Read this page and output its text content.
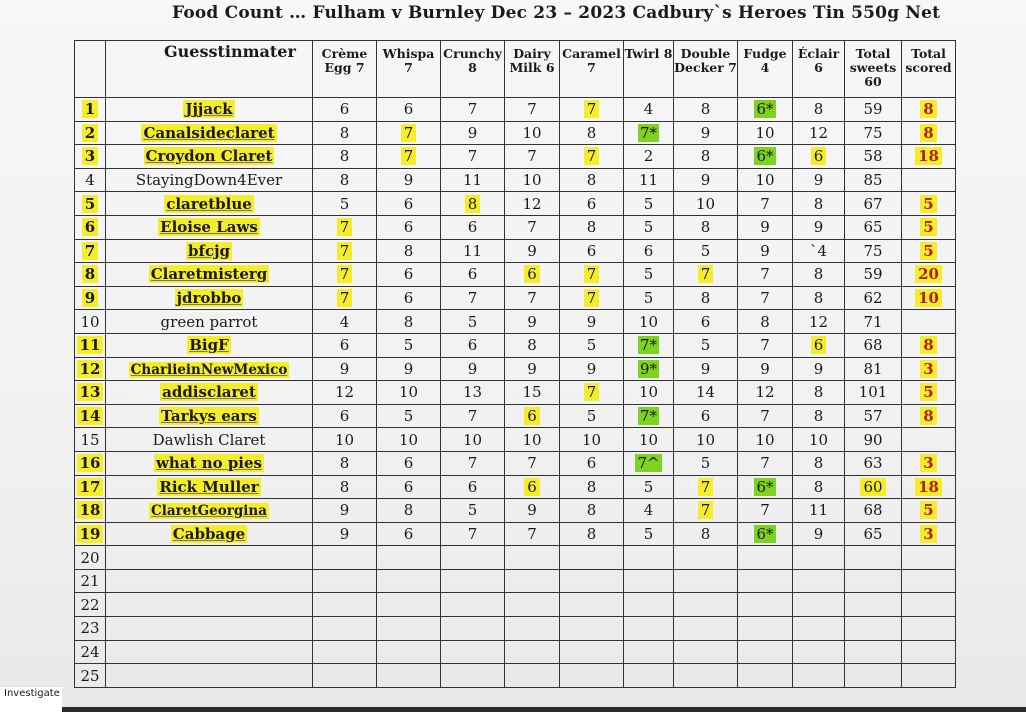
Food Count … Fulham v Burnley Dec 23 – 2023 Cadbury`s Heroes Tin 550g Net
	Guesstinmater	Crème Egg 7	Whispa 7	Crunchy 8	Dairy Milk 6	Caramel 7	Twirl 8	Double Decker 7	Fudge 4	Éclair 6	Total sweets 60	Total scored
1	Jjjack	6	6	7	7	7	4	8	6*	8	59	8
2	Canalsideclaret	8	7	9	10	8	7*	9	10	12	75	8
3	Croydon Claret	8	7	7	7	7	2	8	6*	6	58	18
4	StayingDown4Ever	8	9	11	10	8	11	9	10	9	85	
5	claretblue	5	6	8	12	6	5	10	7	8	67	5
6	Eloise Laws	7	6	6	7	8	5	8	9	9	65	5
7	bfcjg	7	8	11	9	6	6	5	9	`4	75	5
8	Claretmisterg	7	6	6	6	7	5	7	7	8	59	20
9	jdrobbo	7	6	7	7	7	5	8	7	8	62	10
10	green parrot	4	8	5	9	9	10	6	8	12	71	
11	BigF	6	5	6	8	5	7*	5	7	6	68	8
12	CharlieinNewMexico	9	9	9	9	9	9*	9	9	9	81	3
13	addisclaret	12	10	13	15	7	10	14	12	8	101	5
14	Tarkys ears	6	5	7	6	5	7*	6	7	8	57	8
15	Dawlish Claret	10	10	10	10	10	10	10	10	10	90	
16	what no pies	8	6	7	7	6	7^	5	7	8	63	3
17	Rick Muller	8	6	6	6	8	5	7	6*	8	60	18
18	ClaretGeorgina	9	8	5	9	8	4	7	7	11	68	5
19	Cabbage	9	6	7	7	8	5	8	6*	9	65	3
20												
21												
22												
23												
24												
25												
Investigate
